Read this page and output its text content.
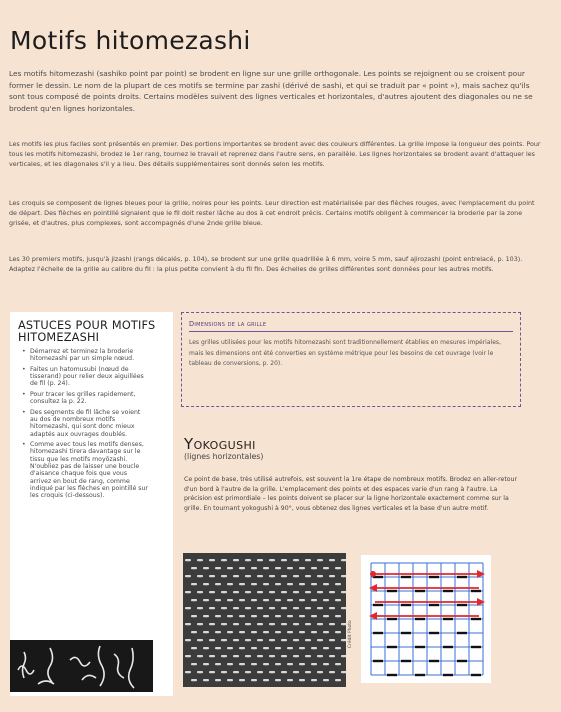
Motifs hitomezashi

Les motifs hitomezashi (sashiko point par point) se brodent en ligne sur une grille orthogonale. Les points se rejoignent ou se croisent pour former le dessin. Le nom de la plupart de ces motifs se termine par zashi (dérivé de sashi, et qui se traduit par « point »), mais sachez qu'ils sont tous composé de points droits. Certains modèles suivent des lignes verticales et horizontales, d'autres ajoutent des diagonales ou ne se brodent qu'en lignes horizontales.

Les motifs les plus faciles sont présentés en premier. Des portions importantes se brodent avec des couleurs différentes. La grille impose la longueur des points. Pour tous les motifs hitomezashi, brodez le 1er rang, tournez le travail et reprenez dans l'autre sens, en parallèle. Les lignes horizontales se brodent avant d'attaquer les verticales, et les diagonales s'il y a lieu. Des détails supplémentaires sont donnés selon les motifs.

Les croquis se composent de lignes bleues pour la grille, noires pour les points. Leur direction est matérialisée par des flèches rouges, avec l'emplacement du point de départ. Des flèches en pointillé signalent que le fil doit rester lâche au dos à cet endroit précis. Certains motifs obligent à commencer la broderie par la zone grisée, et d'autres, plus complexes, sont accompagnés d'une 2nde grille bleue.

Les 30 premiers motifs, jusqu'à jizashi (rangs décalés, p. 104), se brodent sur une grille quadrillée à 6 mm, voire 5 mm, sauf ajirozashi (point entrelacé, p. 103). Adaptez l'échelle de la grille au calibre du fil : la plus petite convient à du fil fin. Des échelles de grilles différentes sont données pour les autres motifs.

ASTUCES POUR MOTIFS HITOMEZASHI
• Démarrez et terminez la broderie hitomezashi par un simple nœud.
• Faites un hatomusubi (nœud de tisserand) pour relier deux aiguillées de fil (p. 24).
• Pour tracer les grilles rapidement, consultez la p. 22.
• Des segments de fil lâche se voient au dos de nombreux motifs hitomezashi, qui sont donc mieux adaptés aux ouvrages doublés.
• Comme avec tous les motifs denses, hitomezashi tirera davantage sur le tissu que les motifs moyōzashi. N'oubliez pas de laisser une boucle d'aisance chaque fois que vous arrivez en bout de rang, comme indiqué par les flèches en pointillé sur les croquis (ci-dessous).
Dimensions de la grille

Les grilles utilisées pour les motifs hitomezashi sont traditionnellement établies en mesures impériales, mais les dimensions ont été converties en système métrique pour les besoins de cet ouvrage (voir le tableau de conversions, p. 20).

Yokogushi
(lignes horizontales)

Ce point de base, très utilisé autrefois, est souvent la 1re étape de nombreux motifs. Brodez en aller-retour d'un bord à l'autre de la grille. L'emplacement des points et des espaces varie d'un rang à l'autre. La précision est primordiale – les points doivent se placer sur la ligne horizontale exactement comme sur la grille. En tournant yokogushi à 90°, vous obtenez des lignes verticales et la base d'un autre motif.

Crédit Photo
